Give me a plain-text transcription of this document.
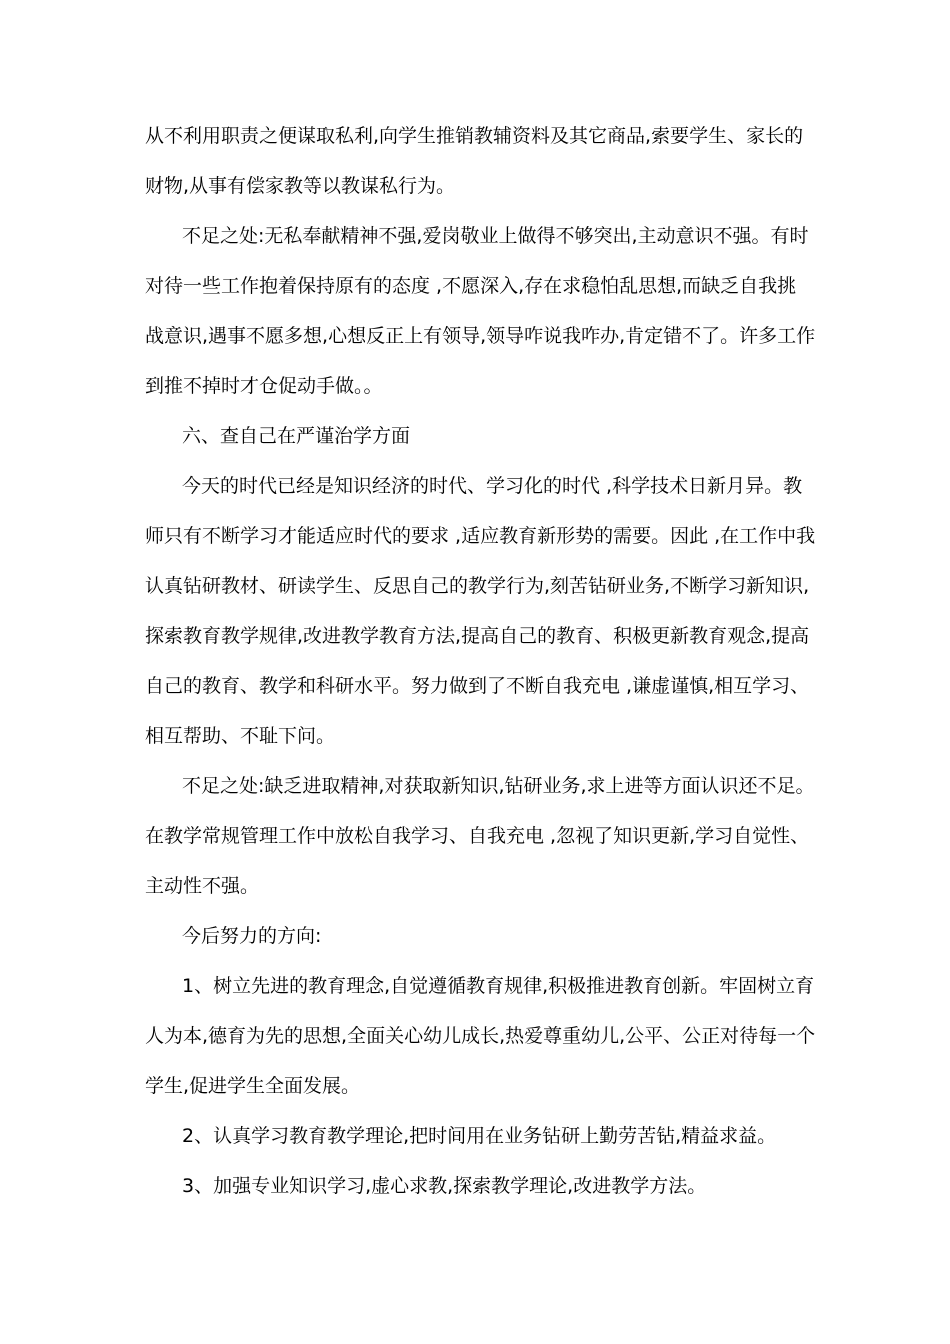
从不利用职责之便谋取私利,向学生推销教辅资料及其它商品,索要学生、家长的
财物,从事有偿家教等以教谋私行为。
不足之处:无私奉献精神不强,爱岗敬业上做得不够突出,主动意识不强。有时
对待一些工作抱着保持原有的态度 ,不愿深入,存在求稳怕乱思想,而缺乏自我挑
战意识,遇事不愿多想,心想反正上有领导,领导咋说我咋办,肯定错不了。许多工作
到推不掉时才仓促动手做。。
六、查自己在严谨治学方面
今天的时代已经是知识经济的时代、学习化的时代 ,科学技术日新月异。教
师只有不断学习才能适应时代的要求 ,适应教育新形势的需要。因此 ,在工作中我
认真钻研教材、研读学生、反思自己的教学行为,刻苦钻研业务,不断学习新知识,
探索教育教学规律,改进教学教育方法,提高自己的教育、积极更新教育观念,提高
自己的教育、教学和科研水平。努力做到了不断自我充电 ,谦虚谨慎,相互学习、
相互帮助、不耻下问。
不足之处:缺乏进取精神,对获取新知识,钻研业务,求上进等方面认识还不足。
在教学常规管理工作中放松自我学习、自我充电 ,忽视了知识更新,学习自觉性、
主动性不强。
今后努力的方向:
1、树立先进的教育理念,自觉遵循教育规律,积极推进教育创新。牢固树立育
人为本,德育为先的思想,全面关心幼儿成长,热爱尊重幼儿,公平、公正对待每一个
学生,促进学生全面发展。
2、认真学习教育教学理论,把时间用在业务钻研上勤劳苦钻,精益求益。
3、加强专业知识学习,虚心求教,探索教学理论,改进教学方法。
